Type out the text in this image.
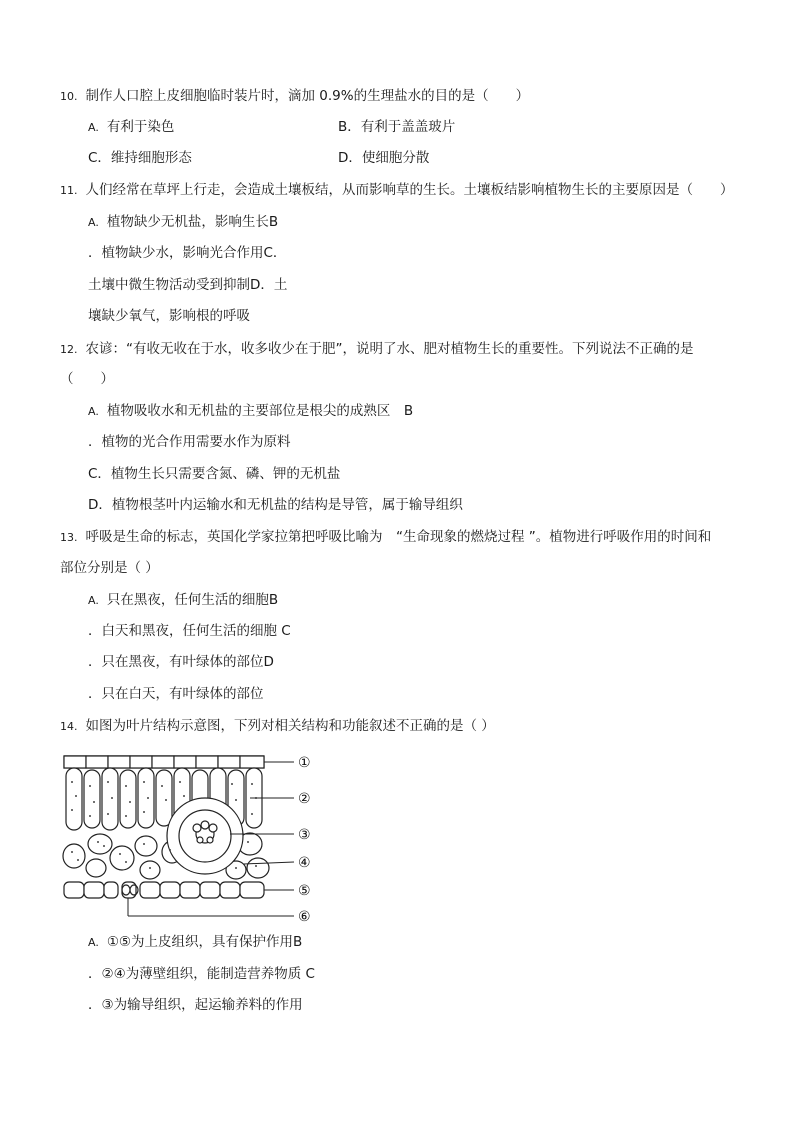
10. 制作人口腔上皮细胞临时装片时，滴加 0.9%的生理盐水的目的是（　　）
A. 有利于染色	B．有利于盖盖玻片
C．维持细胞形态	D．使细胞分散
11. 人们经常在草坪上行走，会造成土壤板结，从而影响草的生长。土壤板结影响植物生长的主要原因是（　　）
A. 植物缺少无机盐，影响生长B
．植物缺少水，影响光合作用C．
土壤中微生物活动受到抑制D．土
壤缺少氧气，影响根的呼吸
12. 农谚：“有收无收在于水，收多收少在于肥”，说明了水、肥对植物生长的重要性。下列说法不正确的是
（　　）
A. 植物吸收水和无机盐的主要部位是根尖的成熟区　B
．植物的光合作用需要水作为原料
C．植物生长只需要含氮、磷、钾的无机盐
D．植物根茎叶内运输水和无机盐的结构是导管，属于输导组织
13. 呼吸是生命的标志，英国化学家拉第把呼吸比喻为　“生命现象的燃烧过程 ”。植物进行呼吸作用的时间和
部位分别是（ ）
A. 只在黑夜，任何生活的细胞B
．白天和黑夜，任何生活的细胞 C
．只在黑夜，有叶绿体的部位D
．只在白天，有叶绿体的部位
14. 如图为叶片结构示意图，下列对相关结构和功能叙述不正确的是（ ）
①
②
③
④
⑤
⑥
A. ①⑤为上皮组织，具有保护作用B
．②④为薄壁组织，能制造营养物质 C
．③为输导组织，起运输养料的作用
